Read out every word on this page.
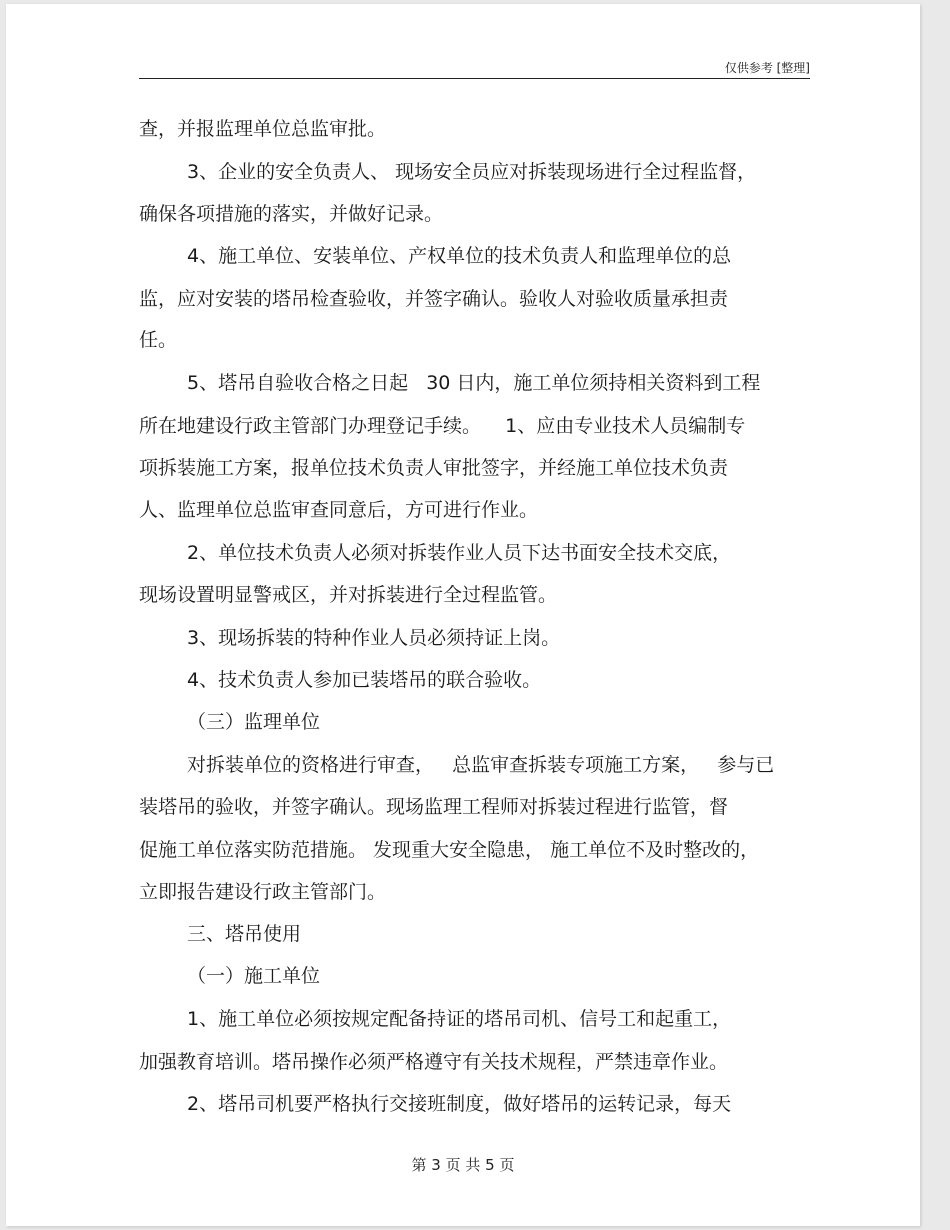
仅供参考 [整理]
查，并报监理单位总监审批。
3、企业的安全负责人、 现场安全员应对拆装现场进行全过程监督，
确保各项措施的落实，并做好记录。
4、施工单位、安装单位、产权单位的技术负责人和监理单位的总
监，应对安装的塔吊检查验收，并签字确认。验收人对验收质量承担责
任。
5、塔吊自验收合格之日起   30 日内，施工单位须持相关资料到工程
所在地建设行政主管部门办理登记手续。    1、应由专业技术人员编制专
项拆装施工方案，报单位技术负责人审批签字，并经施工单位技术负责
人、监理单位总监审查同意后，方可进行作业。
2、单位技术负责人必须对拆装作业人员下达书面安全技术交底，
现场设置明显警戒区，并对拆装进行全过程监管。
3、现场拆装的特种作业人员必须持证上岗。
4、技术负责人参加已装塔吊的联合验收。
（三）监理单位
对拆装单位的资格进行审查，   总监审查拆装专项施工方案，   参与已
装塔吊的验收，并签字确认。现场监理工程师对拆装过程进行监管，督
促施工单位落实防范措施。 发现重大安全隐患， 施工单位不及时整改的，
立即报告建设行政主管部门。
三、塔吊使用
（一）施工单位
1、施工单位必须按规定配备持证的塔吊司机、信号工和起重工，
加强教育培训。塔吊操作必须严格遵守有关技术规程，严禁违章作业。
2、塔吊司机要严格执行交接班制度，做好塔吊的运转记录，每天
第 3 页 共 5 页
